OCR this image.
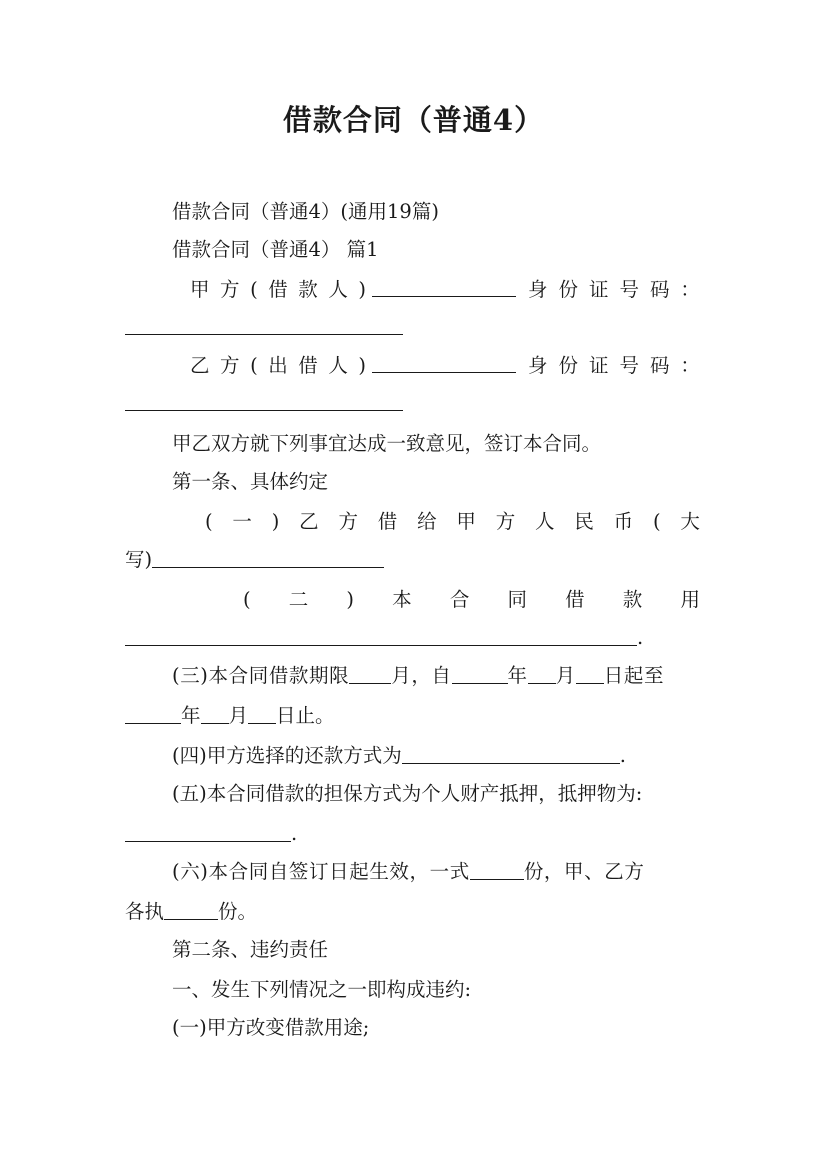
借款合同（普通4）
借款合同（普通4）(通用19篇)
借款合同（普通4） 篇1
甲 方 ( 借 款 人 )	身 份 证 号 码 ：
乙 方 ( 出 借 人 )	身 份 证 号 码 ：
甲乙双方就下列事宜达成一致意见，签订本合同。
第一条、具体约定
( 一 ) 乙 方 借 给 甲 方 人 民 币 ( 大
写)
( 二 ) 本 合 同 借 款 用
.
(三)本合同借款期限 月，自	年 月 日起至
年 月 日止。
(四)甲方选择的还款方式为	.
(五)本合同借款的担保方式为个人财产抵押，抵押物为:
.
(六)本合同自签订日起生效，一式	份，甲、乙方
各执	份。
第二条、违约责任
一、发生下列情况之一即构成违约:
(一)甲方改变借款用途;
